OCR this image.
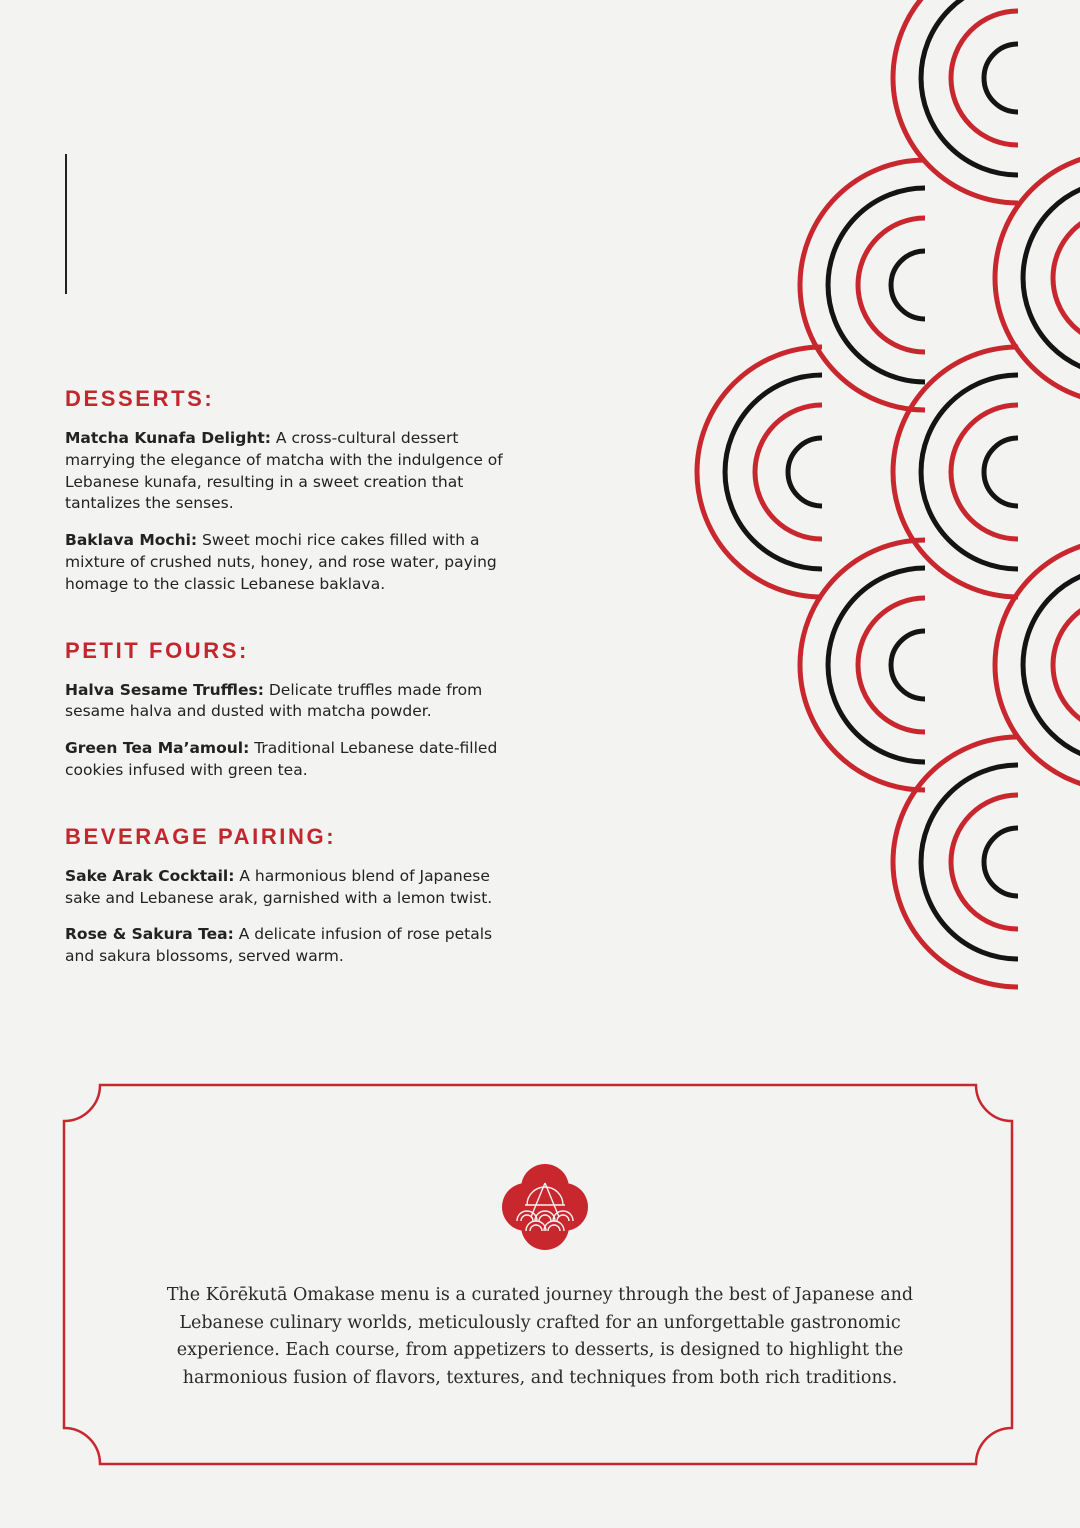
DESSERTS:

Matcha Kunafa Delight: A cross-cultural dessert marrying the elegance of matcha with the indulgence of Lebanese kunafa, resulting in a sweet creation that tantalizes the senses.

Baklava Mochi: Sweet mochi rice cakes filled with a mixture of crushed nuts, honey, and rose water, paying homage to the classic Lebanese baklava.

PETIT FOURS:

Halva Sesame Truffles: Delicate truffles made from sesame halva and dusted with matcha powder.

Green Tea Ma’amoul: Traditional Lebanese date-filled cookies infused with green tea.

BEVERAGE PAIRING:

Sake Arak Cocktail: A harmonious blend of Japanese sake and Lebanese arak, garnished with a lemon twist.

Rose & Sakura Tea: A delicate infusion of rose petals and sakura blossoms, served warm.

The Kōrēkutā Omakase menu is a curated journey through the best of Japanese and Lebanese culinary worlds, meticulously crafted for an unforgettable gastronomic experience. Each course, from appetizers to desserts, is designed to highlight the harmonious fusion of flavors, textures, and techniques from both rich traditions.
